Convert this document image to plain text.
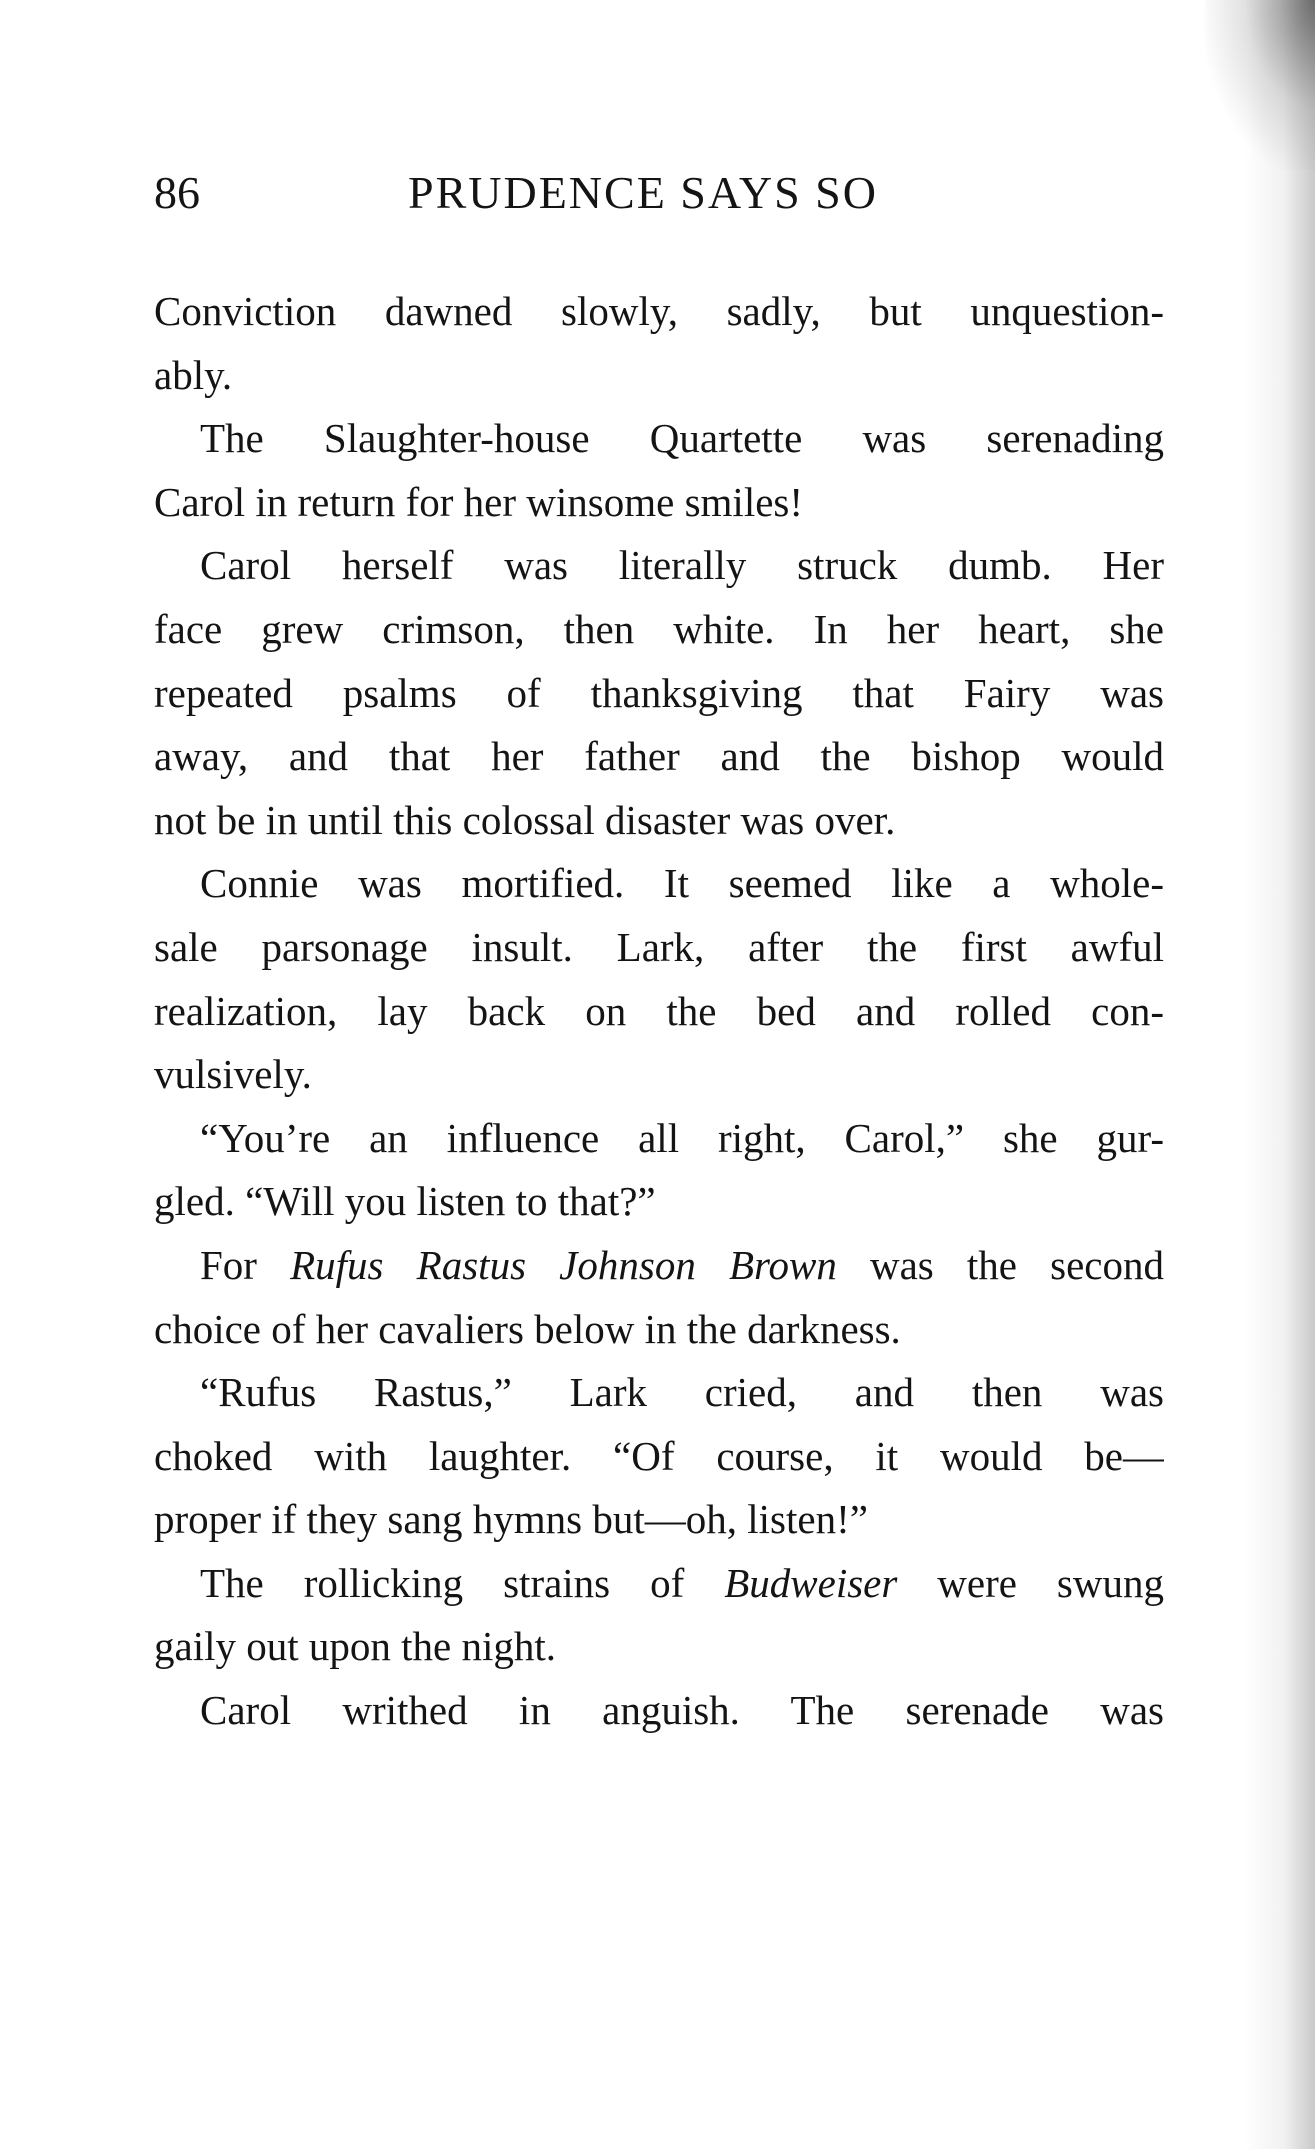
86	PRUDENCE SAYS SO
Conviction dawned slowly, sadly, but unquestion-
ably.
The Slaughter-house Quartette was serenading
Carol in return for her winsome smiles!
Carol herself was literally struck dumb. Her
face grew crimson, then white. In her heart, she
repeated psalms of thanksgiving that Fairy was
away, and that her father and the bishop would
not be in until this colossal disaster was over.
Connie was mortified. It seemed like a whole-
sale parsonage insult. Lark, after the first awful
realization, lay back on the bed and rolled con-
vulsively.
“You’re an influence all right, Carol,” she gur-
gled. “Will you listen to that?”
For Rufus Rastus Johnson Brown was the second
choice of her cavaliers below in the darkness.
“Rufus Rastus,” Lark cried, and then was
choked with laughter. “Of course, it would be—
proper if they sang hymns but—oh, listen!”
The rollicking strains of Budweiser were swung
gaily out upon the night.
Carol writhed in anguish. The serenade was
